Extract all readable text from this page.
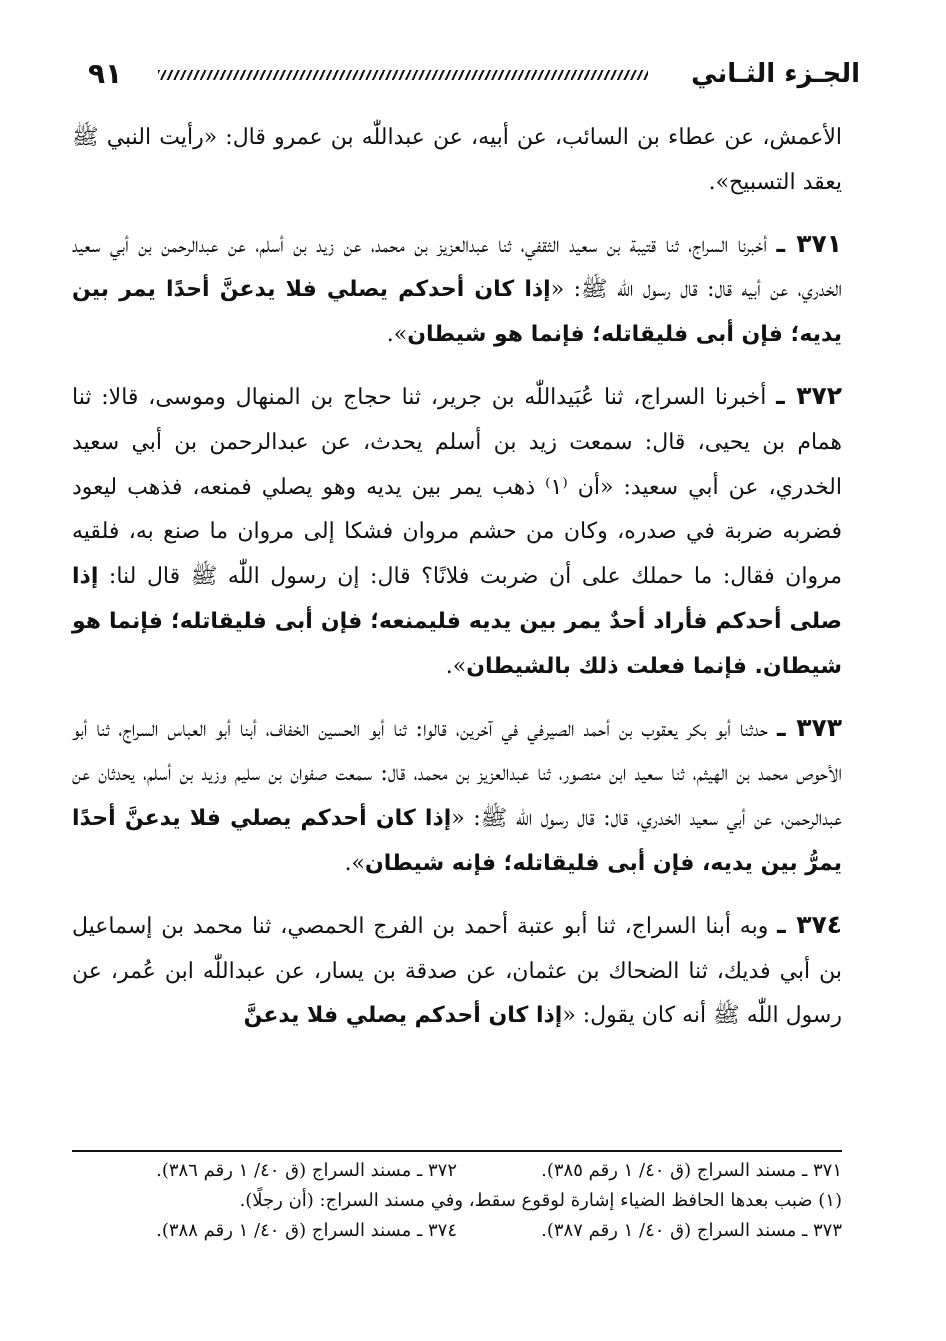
٩١	الجـزء الثـاني

الأعمش، عن عطاء بن السائب، عن أبيه، عن عبداللّٰه بن عمرو قال: «رأيت النبي ﷺ يعقد التسبيح».

٣٧١ ـ أخبرنا السراج، ثنا قتيبة بن سعيد الثقفي، ثنا عبدالعزيز بن محمد، عن زيد بن أسلم، عن عبدالرحمن بن أبي سعيد الخدري، عن أبيه قال: قال رسول اللّٰه ﷺ: «إذا كان أحدكم يصلي فلا يدعنَّ أحدًا يمر بين يديه؛ فإن أبى فليقاتله؛ فإنما هو شيطان».

٣٧٢ ـ أخبرنا السراج، ثنا عُبَيداللّٰه بن جرير، ثنا حجاج بن المنهال وموسى، قالا: ثنا همام بن يحيى، قال: سمعت زيد بن أسلم يحدث، عن عبدالرحمن بن أبي سعيد الخدري، عن أبي سعيد: «أن ⁽١⁾ ذهب يمر بين يديه وهو يصلي فمنعه، فذهب ليعود فضربه ضربة في صدره، وكان من حشم مروان فشكا إلى مروان ما صنع به، فلقيه مروان فقال: ما حملك على أن ضربت فلانًا؟ قال: إن رسول اللّٰه ﷺ قال لنا: إذا صلى أحدكم فأراد أحدٌ يمر بين يديه فليمنعه؛ فإن أبى فليقاتله؛ فإنما هو شيطان. فإنما فعلت ذلك بالشيطان».

٣٧٣ ـ حدثنا أبو بكر يعقوب بن أحمد الصيرفي في آخرين، قالوا: ثنا أبو الحسين الخفاف، أبنا أبو العباس السراج، ثنا أبو الأحوص محمد بن الهيثم، ثنا سعيد ابن منصور، ثنا عبدالعزيز بن محمد، قال: سمعت صفوان بن سليم وزيد بن أسلم، يحدثان عن عبدالرحمن، عن أبي سعيد الخدري، قال: قال رسول اللّٰه ﷺ: «إذا كان أحدكم يصلي فلا يدعنَّ أحدًا يمرُّ بين يديه، فإن أبى فليقاتله؛ فإنه شيطان».

٣٧٤ ـ وبه أبنا السراج، ثنا أبو عتبة أحمد بن الفرج الحمصي، ثنا محمد بن إسماعيل بن أبي فديك، ثنا الضحاك بن عثمان، عن صدقة بن يسار، عن عبداللّٰه ابن عُمر، عن رسول اللّٰه ﷺ أنه كان يقول: «إذا كان أحدكم يصلي فلا يدعنَّ

٣٧١ ـ مسند السراج (ق ٤٠/ ١ رقم ٣٨٥).
٣٧٢ ـ مسند السراج (ق ٤٠/ ١ رقم ٣٨٦).
(١) ضبب بعدها الحافظ الضياء إشارة لوقوع سقط، وفي مسند السراج: (أن رجلًا).
٣٧٣ ـ مسند السراج (ق ٤٠/ ١ رقم ٣٨٧).
٣٧٤ ـ مسند السراج (ق ٤٠/ ١ رقم ٣٨٨).
